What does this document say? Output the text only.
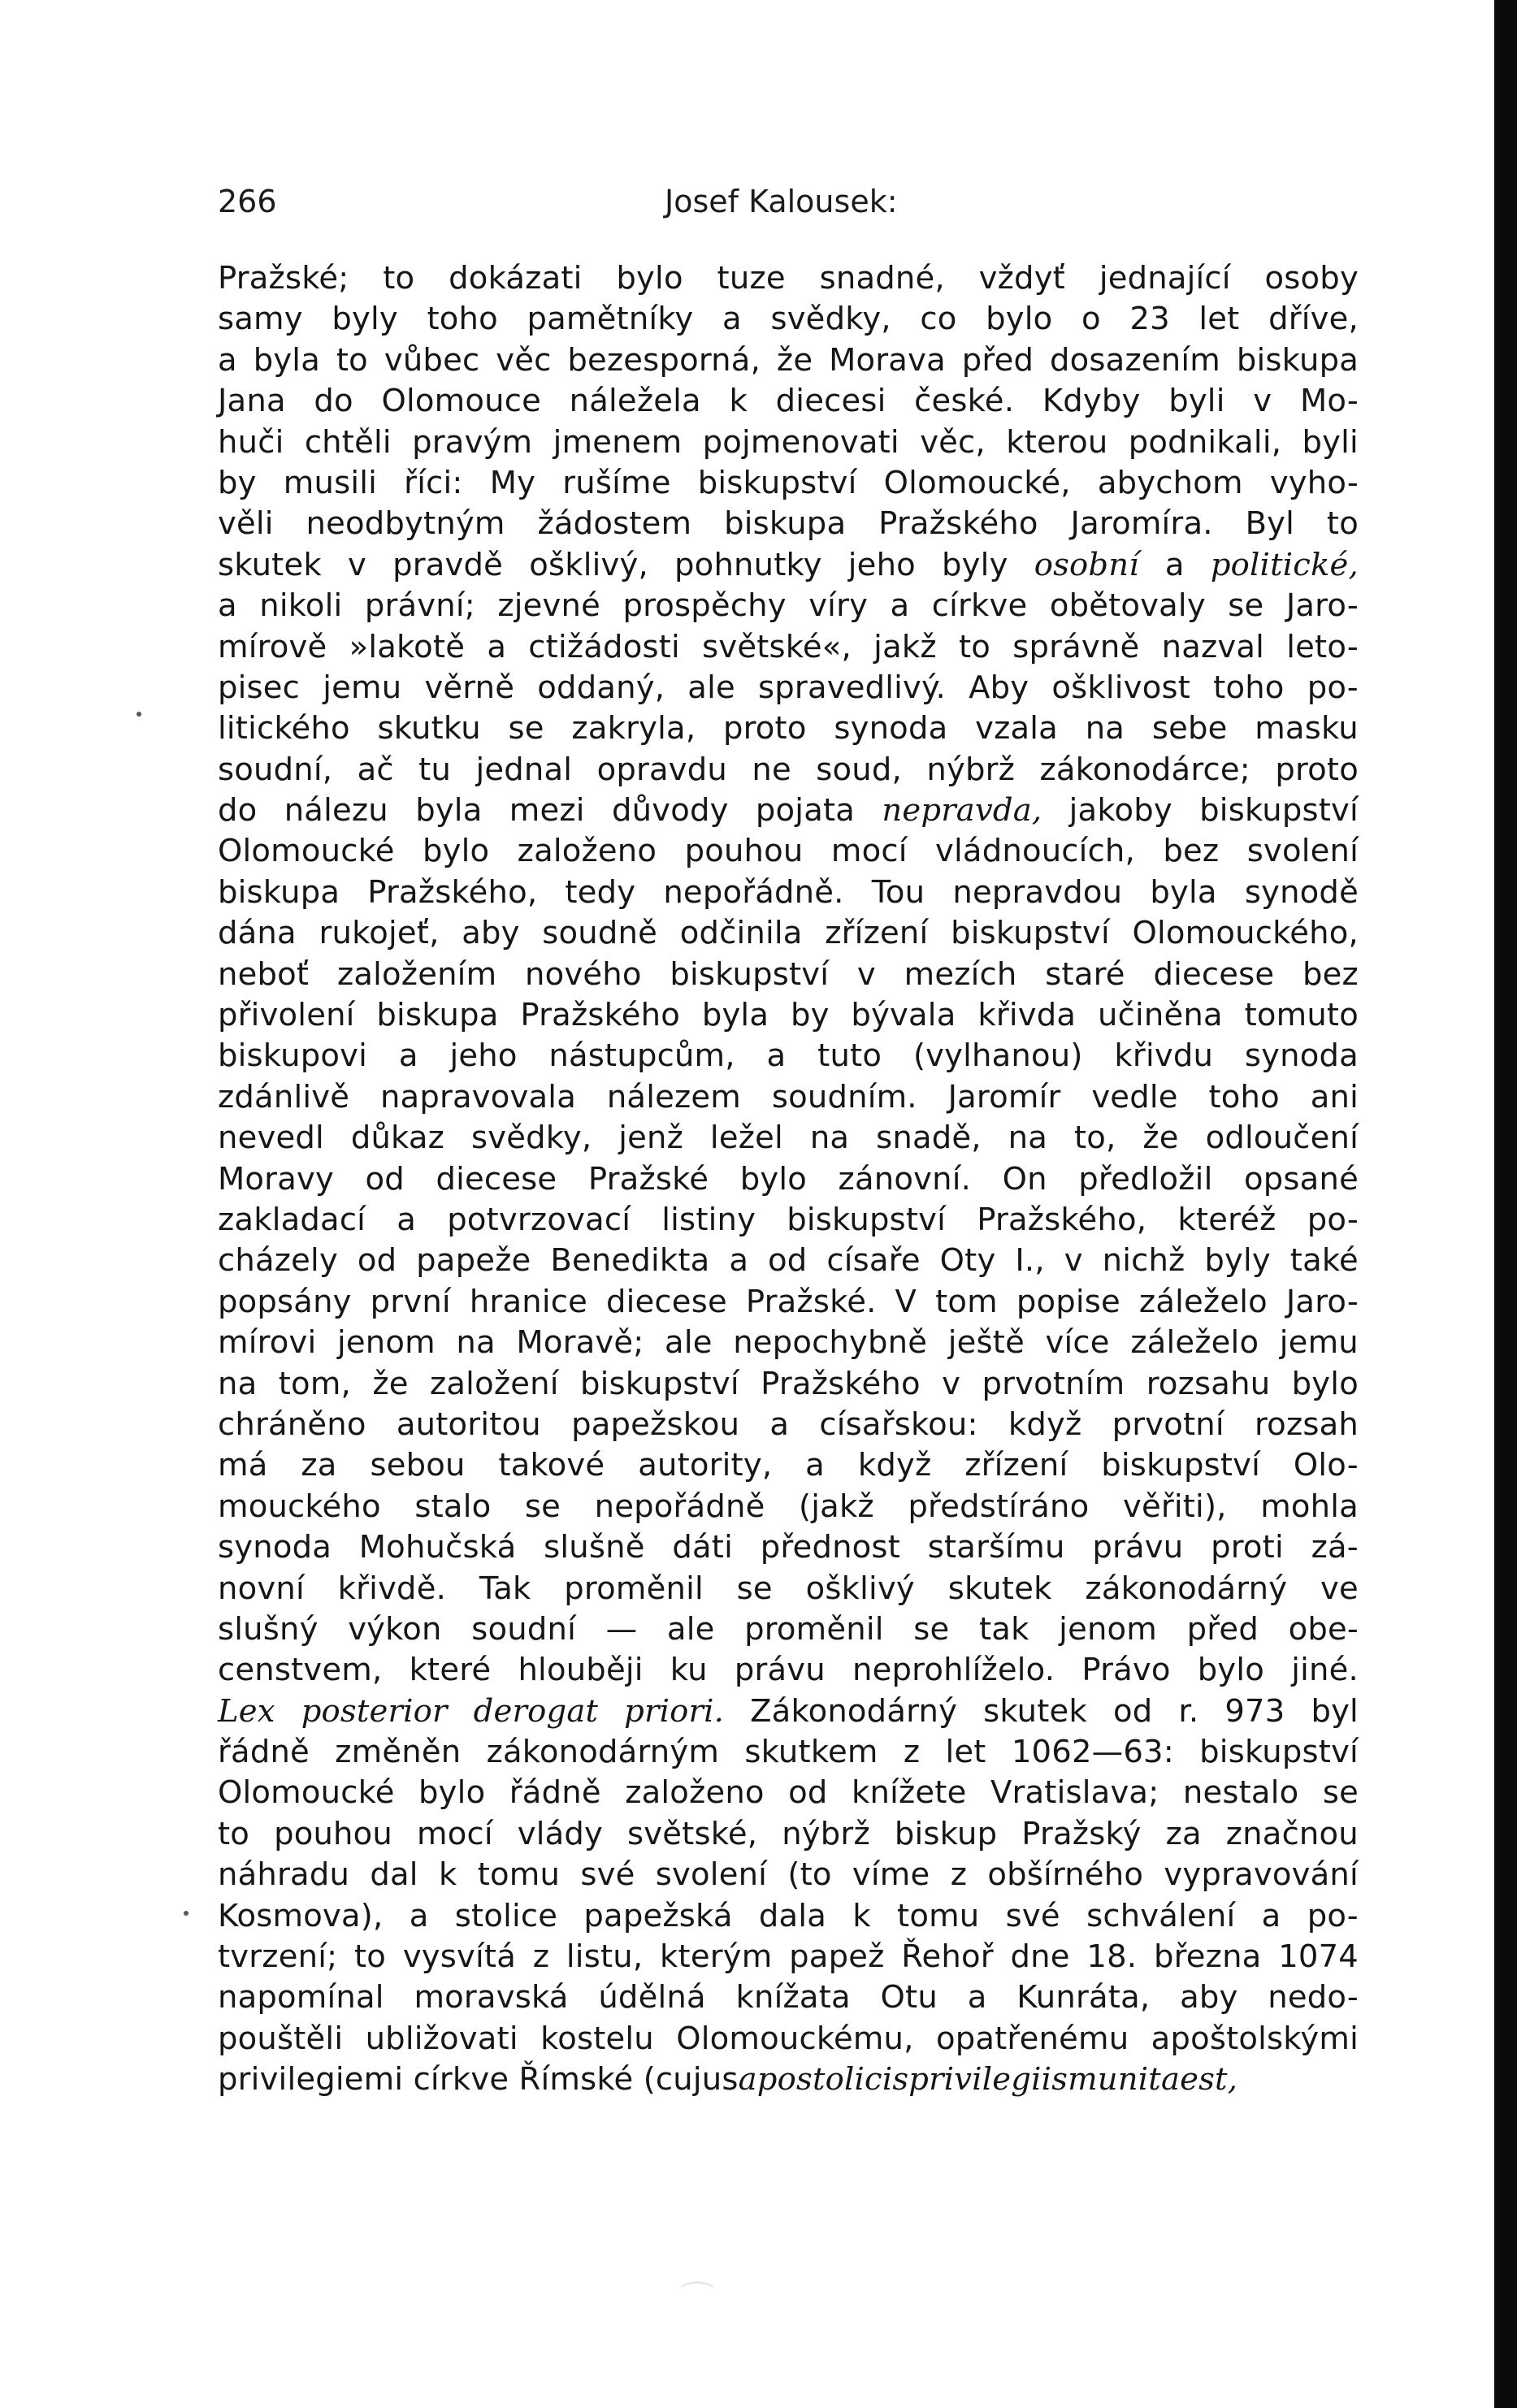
266	Josef Kalousek:
Pražské; to dokázati bylo tuze snadné, vždyť jednající osoby
samy byly toho pamětníky a svědky, co bylo o 23 let dříve,
a byla to vůbec věc bezesporná, že Morava před dosazením biskupa
Jana do Olomouce náležela k diecesi české. Kdyby byli v Mo-
huči chtěli pravým jmenem pojmenovati věc, kterou podnikali, byli
by musili říci: My rušíme biskupství Olomoucké, abychom vyho-
věli neodbytným žádostem biskupa Pražského Jaromíra. Byl to
skutek v pravdě ošklivý, pohnutky jeho byly osobní a politické,
a nikoli právní; zjevné prospěchy víry a církve obětovaly se Jaro-
mírově »lakotě a ctižádosti světské«, jakž to správně nazval leto-
pisec jemu věrně oddaný, ale spravedlivý. Aby ošklivost toho po-
litického skutku se zakryla, proto synoda vzala na sebe masku
soudní, ač tu jednal opravdu ne soud, nýbrž zákonodárce; proto
do nálezu byla mezi důvody pojata nepravda, jakoby biskupství
Olomoucké bylo založeno pouhou mocí vládnoucích, bez svolení
biskupa Pražského, tedy nepořádně. Tou nepravdou byla synodě
dána rukojeť, aby soudně odčinila zřízení biskupství Olomouckého,
neboť založením nového biskupství v mezích staré diecese bez
přivolení biskupa Pražského byla by bývala křivda učiněna tomuto
biskupovi a jeho nástupcům, a tuto (vylhanou) křivdu synoda
zdánlivě napravovala nálezem soudním. Jaromír vedle toho ani
nevedl důkaz svědky, jenž ležel na snadě, na to, že odloučení
Moravy od diecese Pražské bylo zánovní. On předložil opsané
zakladací a potvrzovací listiny biskupství Pražského, kteréž po-
cházely od papeže Benedikta a od císaře Oty I., v nichž byly také
popsány první hranice diecese Pražské. V tom popise záleželo Jaro-
mírovi jenom na Moravě; ale nepochybně ještě více záleželo jemu
na tom, že založení biskupství Pražského v prvotním rozsahu bylo
chráněno autoritou papežskou a císařskou: když prvotní rozsah
má za sebou takové autority, a když zřízení biskupství Olo-
mouckého stalo se nepořádně (jakž předstíráno věřiti), mohla
synoda Mohučská slušně dáti přednost staršímu právu proti zá-
novní křivdě. Tak proměnil se ošklivý skutek zákonodárný ve
slušný výkon soudní — ale proměnil se tak jenom před obe-
censtvem, které hlouběji ku právu neprohlíželo. Právo bylo jiné.
Lex posterior derogat priori. Zákonodárný skutek od r. 973 byl
řádně změněn zákonodárným skutkem z let 1062—63: biskupství
Olomoucké bylo řádně založeno od knížete Vratislava; nestalo se
to pouhou mocí vlády světské, nýbrž biskup Pražský za značnou
náhradu dal k tomu své svolení (to víme z obšírného vypravování
Kosmova), a stolice papežská dala k tomu své schválení a po-
tvrzení; to vysvítá z listu, kterým papež Řehoř dne 18. března 1074
napomínal moravská údělná knížata Otu a Kunráta, aby nedo-
pouštěli ubližovati kostelu Olomouckému, opatřenému apoštolskými
privilegiemi církve Římské (cujus apostolicis privilegiis munita est,
